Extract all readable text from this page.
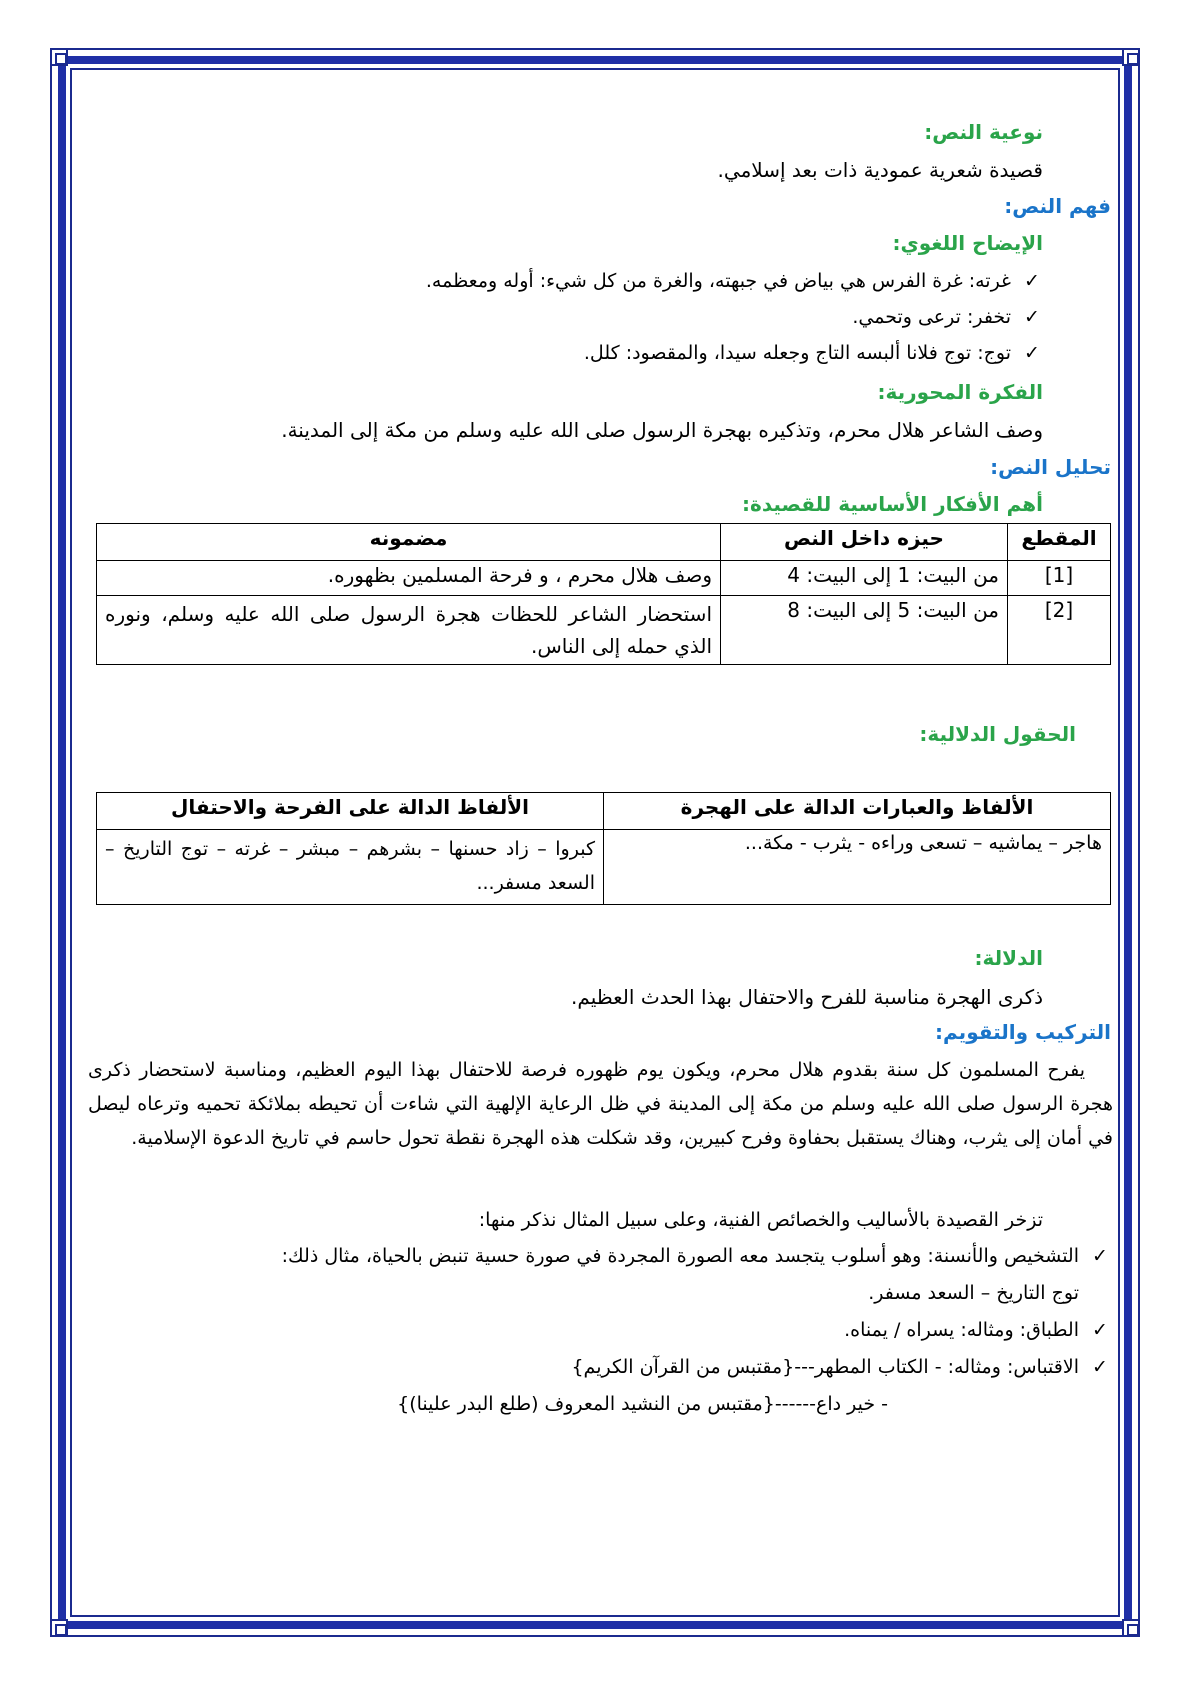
نوعية النص:
قصيدة شعرية عمودية ذات بعد إسلامي.
فهم النص:
الإيضاح اللغوي:
✓غرته: غرة الفرس هي بياض في جبهته، والغرة من كل شيء: أوله ومعظمه.
✓تخفر: ترعى وتحمي.
✓توج: توج فلانا ألبسه التاج وجعله سيدا، والمقصود: كلل.
الفكرة المحورية:
وصف الشاعر هلال محرم، وتذكيره بهجرة الرسول صلى الله عليه وسلم من مكة إلى المدينة.
تحليل النص:
أهم الأفكار الأساسية للقصيدة:
المقطع	حيزه داخل النص	مضمونه
[1]	من البيت: 1 إلى البيت: 4	وصف هلال محرم ، و فرحة المسلمين بظهوره.
[2]	من البيت: 5 إلى البيت: 8	استحضار الشاعر للحظات هجرة الرسول صلى الله عليه وسلم، ونوره الذي حمله إلى الناس.
الحقول الدلالية:
الألفاظ والعبارات الدالة على الهجرة	الألفاظ الدالة على الفرحة والاحتفال
هاجر – يماشيه – تسعى وراءه - يثرب - مكة...	كبروا – زاد حسنها – بشرهم – مبشر – غرته – توج التاريخ – السعد مسفر...
الدلالة:
ذكرى الهجرة مناسبة للفرح والاحتفال بهذا الحدث العظيم.
التركيب والتقويم:
يفرح المسلمون كل سنة بقدوم هلال محرم، ويكون يوم ظهوره فرصة للاحتفال بهذا اليوم العظيم، ومناسبة لاستحضار ذكرى هجرة الرسول صلى الله عليه وسلم من مكة إلى المدينة في ظل الرعاية الإلهية التي شاءت أن تحيطه بملائكة تحميه وترعاه ليصل في أمان إلى يثرب، وهناك يستقبل بحفاوة وفرح كبيرين، وقد شكلت هذه الهجرة نقطة تحول حاسم في تاريخ الدعوة الإسلامية.
تزخر القصيدة بالأساليب والخصائص الفنية، وعلى سبيل المثال نذكر منها:
✓التشخيص والأنسنة: وهو أسلوب يتجسد معه الصورة المجردة في صورة حسية تنبض بالحياة، مثال ذلك:
توج التاريخ – السعد مسفر.
✓الطباق: ومثاله: يسراه / يمناه.
✓الاقتباس: ومثاله: - الكتاب المطهر---{مقتبس من القرآن الكريم}
- خير داع------{مقتبس من النشيد المعروف (طلع البدر علينا)}
